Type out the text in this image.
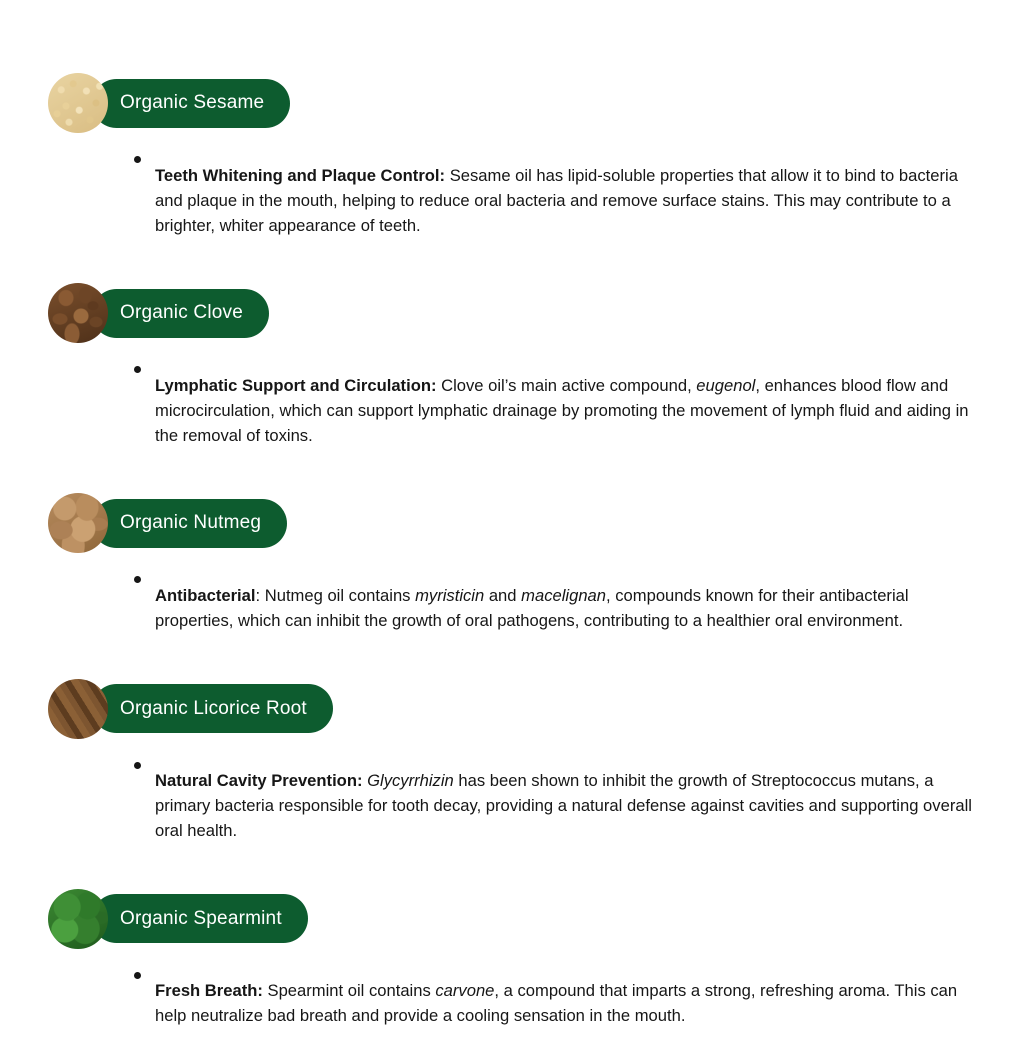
Organic Sesame

Teeth Whitening and Plaque Control: Sesame oil has lipid-soluble properties that allow it to bind to bacteria and plaque in the mouth, helping to reduce oral bacteria and remove surface stains. This may contribute to a brighter, whiter appearance of teeth.

Organic Clove

Lymphatic Support and Circulation: Clove oil’s main active compound, eugenol, enhances blood flow and microcirculation, which can support lymphatic drainage by promoting the movement of lymph fluid and aiding in the removal of toxins.

Organic Nutmeg

Antibacterial: Nutmeg oil contains myristicin and macelignan, compounds known for their antibacterial properties, which can inhibit the growth of oral pathogens, contributing to a healthier oral environment.

Organic Licorice Root

Natural Cavity Prevention: Glycyrrhizin has been shown to inhibit the growth of Streptococcus mutans, a primary bacteria responsible for tooth decay, providing a natural defense against cavities and supporting overall oral health.

Organic Spearmint

Fresh Breath: Spearmint oil contains carvone, a compound that imparts a strong, refreshing aroma. This can help neutralize bad breath and provide a cooling sensation in the mouth.
